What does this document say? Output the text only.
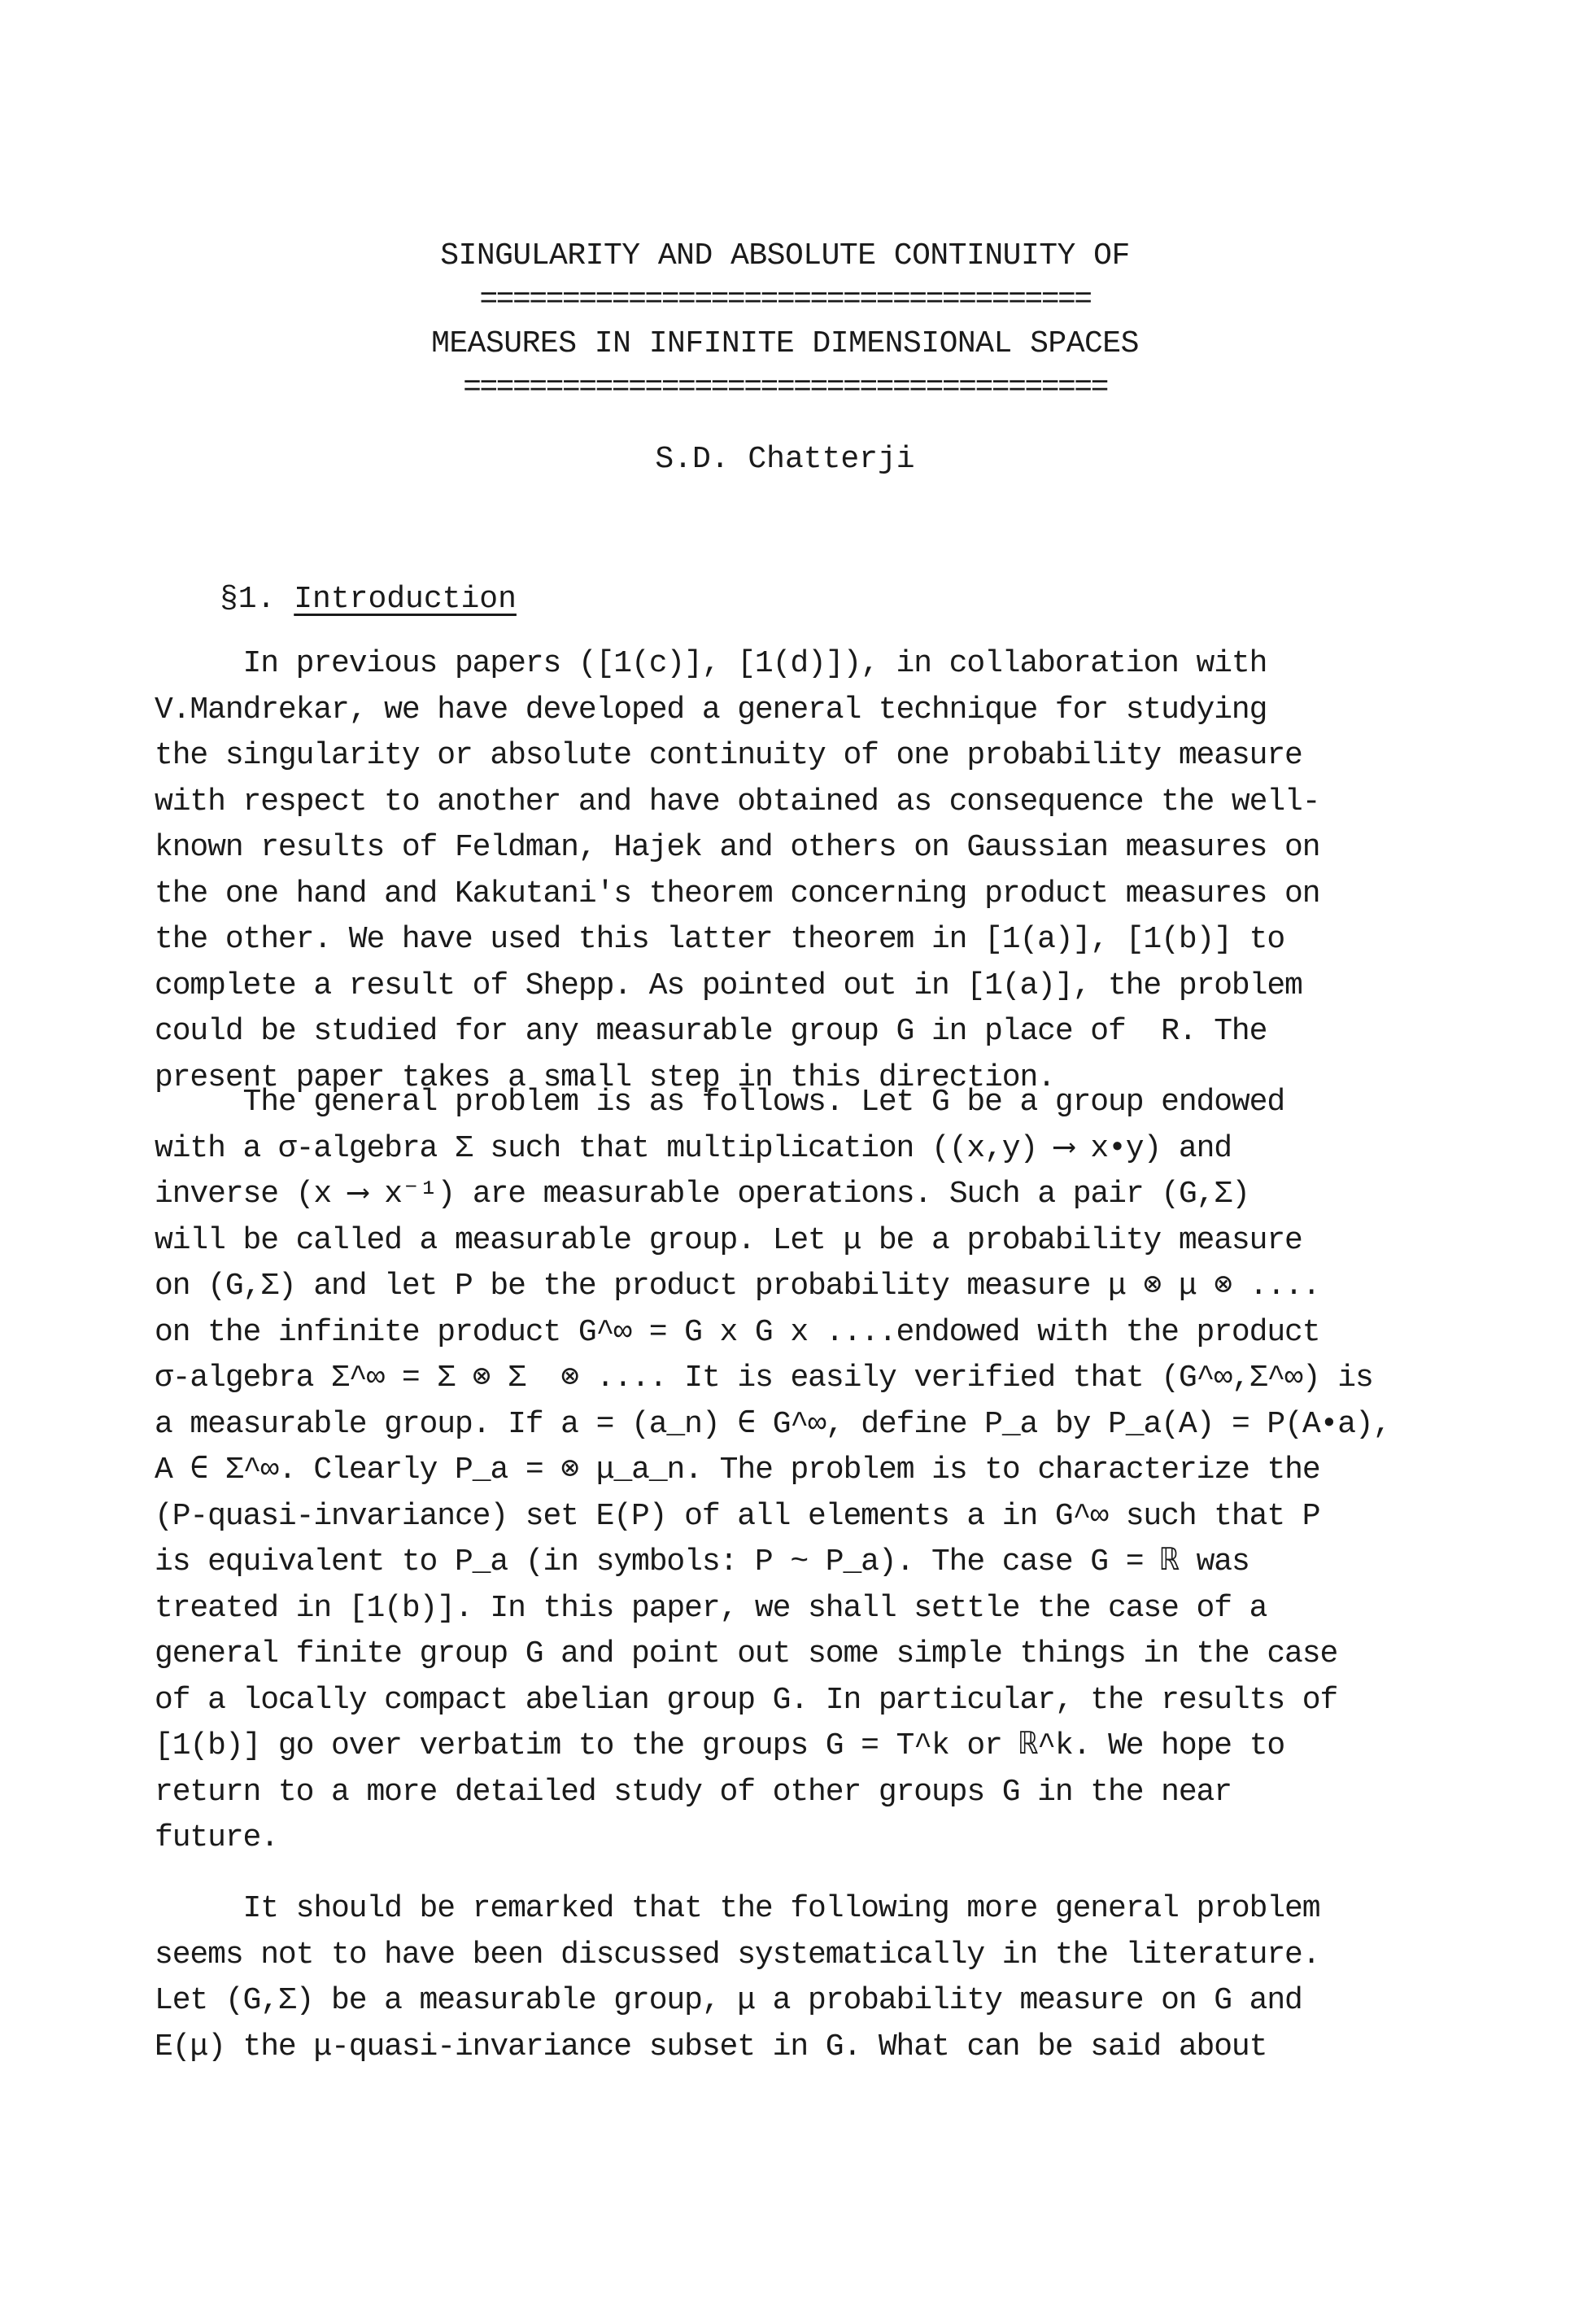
SINGULARITY AND ABSOLUTE CONTINUITY OF
=====================================
MEASURES IN INFINITE DIMENSIONAL SPACES
=======================================
S.D. Chatterji
§1. Introduction
In previous papers ([1(c)], [1(d)]), in collaboration with
V.Mandrekar, we have developed a general technique for studying
the singularity or absolute continuity of one probability measure
with respect to another and have obtained as consequence the well-
known results of Feldman, Hajek and others on Gaussian measures on
the one hand and Kakutani's theorem concerning product measures on
the other. We have used this latter theorem in [1(a)], [1(b)] to
complete a result of Shepp. As pointed out in [1(a)], the problem
could be studied for any measurable group G in place of  R. The
present paper takes a small step in this direction.
The general problem is as follows. Let G be a group endowed
with a σ-algebra Σ such that multiplication ((x,y) ⟶ x•y) and
inverse (x ⟶ x⁻¹) are measurable operations. Such a pair (G,Σ)
will be called a measurable group. Let μ be a probability measure
on (G,Σ) and let P be the product probability measure μ ⊗ μ ⊗ ....
on the infinite product G^∞ = G x G x ....endowed with the product
σ-algebra Σ^∞ = Σ ⊗ Σ  ⊗ .... It is easily verified that (G^∞,Σ^∞) is
a measurable group. If a = (a_n) ∈ G^∞, define P_a by P_a(A) = P(A•a),
A ∈ Σ^∞. Clearly P_a = ⊗ μ_a_n. The problem is to characterize the
(P-quasi-invariance) set E(P) of all elements a in G^∞ such that P
is equivalent to P_a (in symbols: P ~ P_a). The case G = ℝ was
treated in [1(b)]. In this paper, we shall settle the case of a
general finite group G and point out some simple things in the case
of a locally compact abelian group G. In particular, the results of
[1(b)] go over verbatim to the groups G = T^k or ℝ^k. We hope to
return to a more detailed study of other groups G in the near
future.
It should be remarked that the following more general problem
seems not to have been discussed systematically in the literature.
Let (G,Σ) be a measurable group, μ a probability measure on G and
E(μ) the μ-quasi-invariance subset in G. What can be said about
